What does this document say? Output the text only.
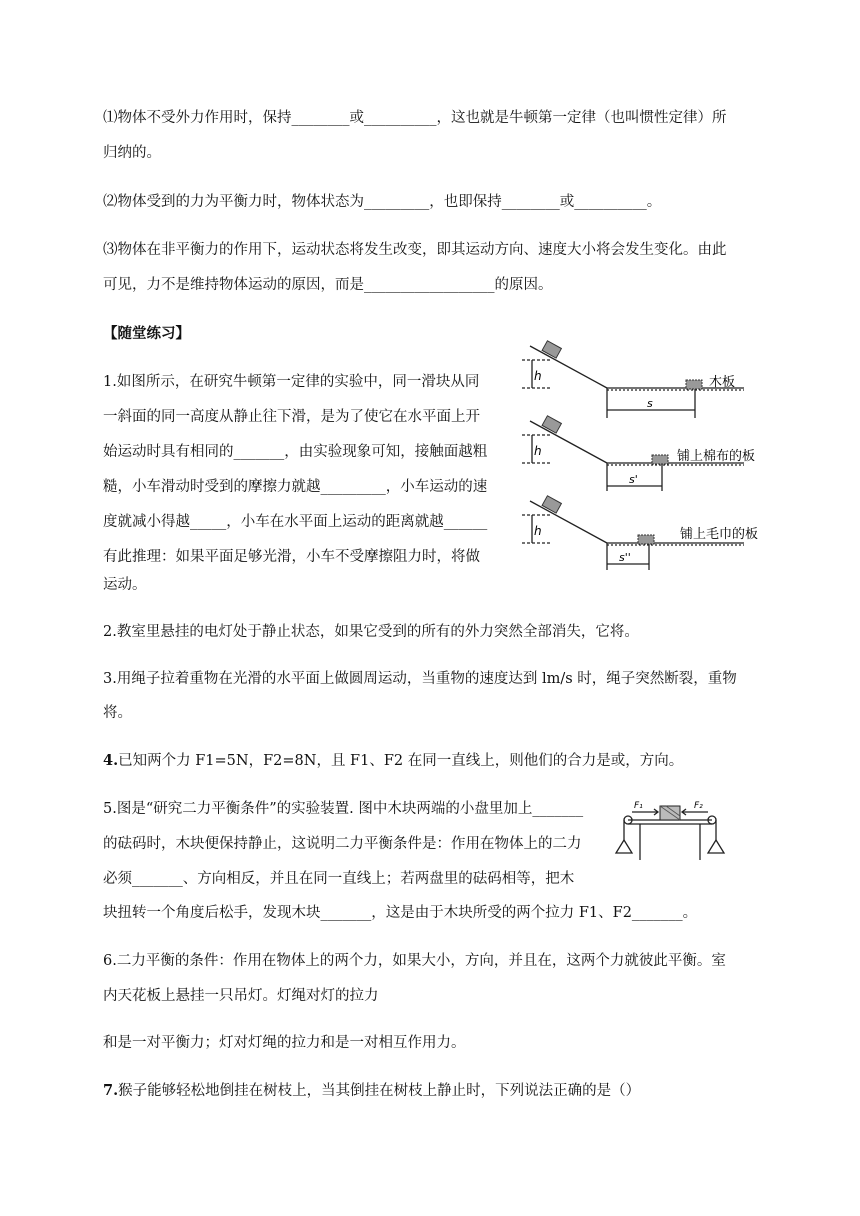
⑴物体不受外力作用时，保持________或__________，这也就是牛顿第一定律（也叫惯性定律）所
归纳的。
⑵物体受到的力为平衡力时，物体状态为_________，也即保持________或__________。
⑶物体在非平衡力的作用下，运动状态将发生改变，即其运动方向、速度大小将会发生变化。由此
可见，力不是维持物体运动的原因，而是__________________的原因。
【随堂练习】
1.如图所示，在研究牛顿第一定律的实验中，同一滑块从同
一斜面的同一高度从静止往下滑，是为了使它在水平面上开
始运动时具有相同的_______，由实验现象可知，接触面越粗
糙，小车滑动时受到的摩擦力就越_________，小车运动的速
度就减小得越_____，小车在水平面上运动的距离就越______
有此推理：如果平面足够光滑，小车不受摩擦阻力时，将做
运动。
h
h
h
木板
铺上棉布的板
铺上毛巾的板
s
s'
s''
2.教室里悬挂的电灯处于静止状态，如果它受到的所有的外力突然全部消失，它将。
3.用绳子拉着重物在光滑的水平面上做圆周运动，当重物的速度达到 lm/s 时，绳子突然断裂，重物
将。
4.已知两个力 F1=5N，F2=8N，且 F1、F2 在同一直线上，则他们的合力是或，方向。
5.图是“研究二力平衡条件”的实验装置. 图中木块两端的小盘里加上_______
的砝码时，木块便保持静止，这说明二力平衡条件是：作用在物体上的二力
必须_______、方向相反，并且在同一直线上；若两盘里的砝码相等，把木
块扭转一个角度后松手，发现木块_______，这是由于木块所受的两个拉力 F1、F2_______。
F₁	F₂
6.二力平衡的条件：作用在物体上的两个力，如果大小，方向，并且在，这两个力就彼此平衡。室
内天花板上悬挂一只吊灯。灯绳对灯的拉力
和是一对平衡力；灯对灯绳的拉力和是一对相互作用力。
7.猴子能够轻松地倒挂在树枝上，当其倒挂在树枝上静止时，下列说法正确的是（）
